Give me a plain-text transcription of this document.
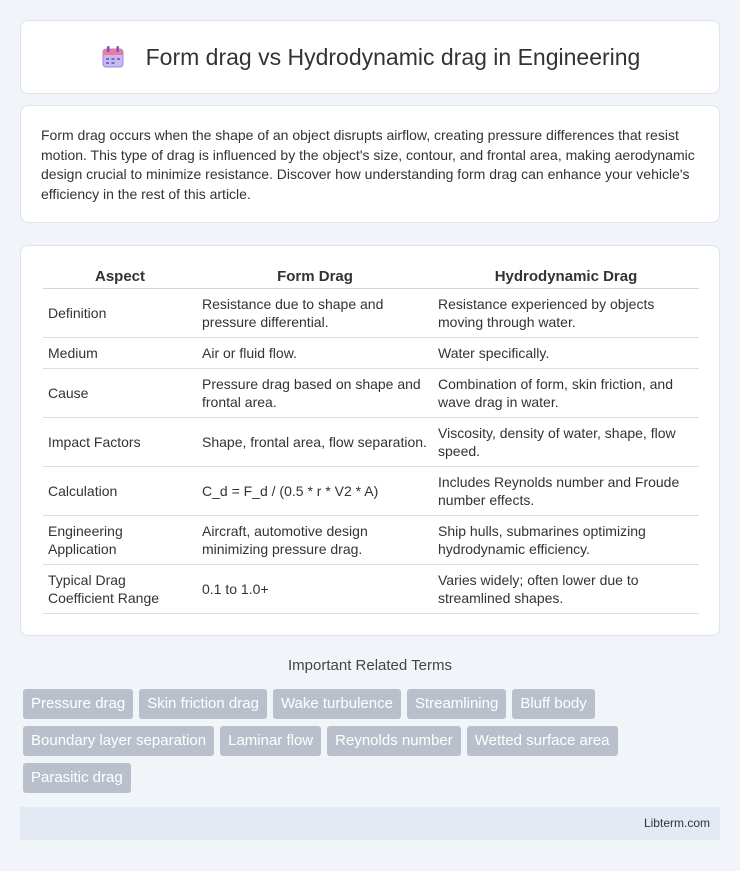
Form drag vs Hydrodynamic drag in Engineering

Form drag occurs when the shape of an object disrupts airflow, creating pressure differences that resist motion. This type of drag is influenced by the object's size, contour, and frontal area, making aerodynamic design crucial to minimize resistance. Discover how understanding form drag can enhance your vehicle's efficiency in the rest of this article.

Aspect	Form Drag	Hydrodynamic Drag
Definition	Resistance due to shape and pressure differential.	Resistance experienced by objects moving through water.
Medium	Air or fluid flow.	Water specifically.
Cause	Pressure drag based on shape and frontal area.	Combination of form, skin friction, and wave drag in water.
Impact Factors	Shape, frontal area, flow separation.	Viscosity, density of water, shape, flow speed.
Calculation	C_d = F_d / (0.5 * r * V2 * A)	Includes Reynolds number and Froude number effects.
Engineering Application	Aircraft, automotive design minimizing pressure drag.	Ship hulls, submarines optimizing hydrodynamic efficiency.
Typical Drag Coefficient Range	0.1 to 1.0+	Varies widely; often lower due to streamlined shapes.
Important Related Terms
Pressure drag	Skin friction drag	Wake turbulence	Streamlining	Bluff body
Boundary layer separation	Laminar flow	Reynolds number	Wetted surface area
Parasitic drag
Libterm.com
